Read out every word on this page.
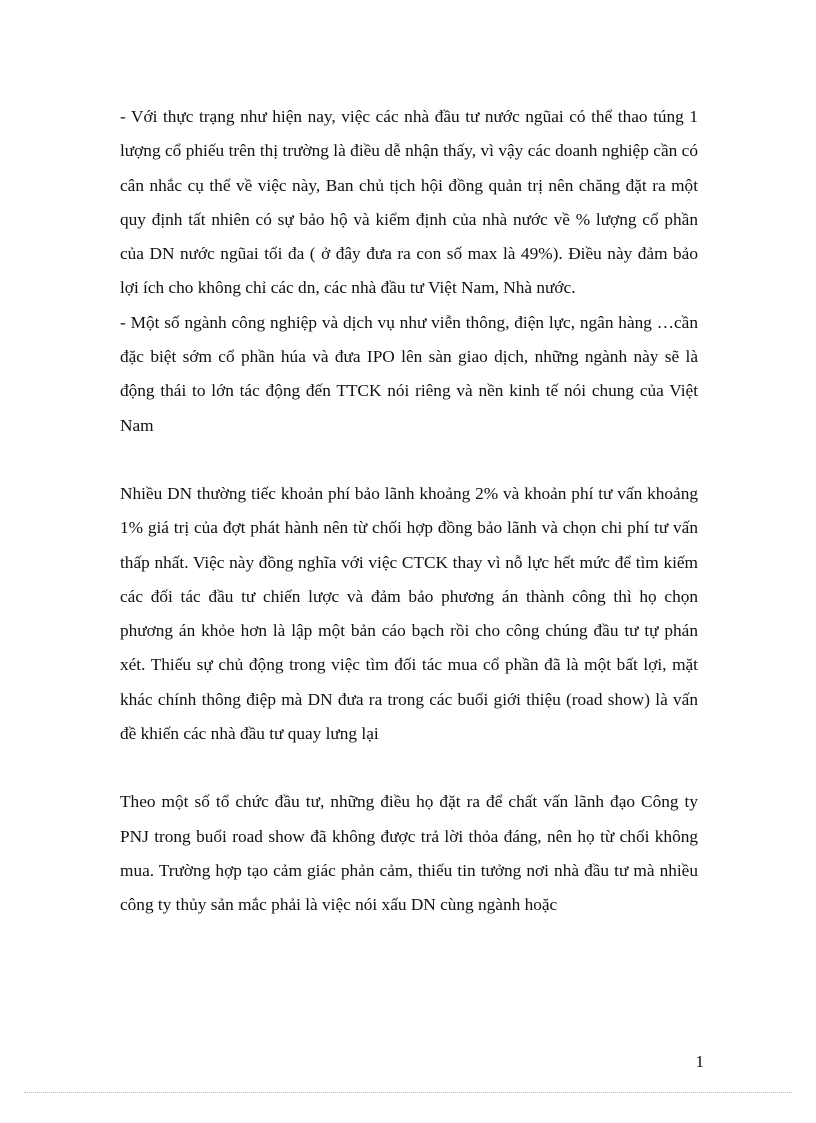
- Với thực trạng như hiện nay, việc các nhà đầu tư nước ngũai có thể thao túng 1 lượng cổ phiếu trên thị trường là điều dễ nhận thấy, vì vậy các doanh nghiệp cần có cân nhắc cụ thể về việc này, Ban chủ tịch hội đồng quản trị nên chăng đặt ra một quy định tất nhiên có sự bảo hộ và kiểm định của nhà nước về % lượng cổ phần của DN nước ngũai tối đa ( ở đây đưa ra con số max là 49%). Điều này đảm bảo lợi ích cho không chỉ các dn, các nhà đầu tư Việt Nam, Nhà nước.

- Một số ngành công nghiệp và dịch vụ như viễn thông, điện lực, ngân hàng …cần đặc biệt sớm cổ phần húa và đưa IPO lên sàn giao dịch, những ngành này sẽ là động thái to lớn tác động đến TTCK nói riêng và nền kinh tế nói chung của Việt Nam

Nhiều DN thường tiếc khoản phí bảo lãnh khoảng 2% và khoản phí tư vấn khoảng 1% giá trị của đợt phát hành nên từ chối hợp đồng bảo lãnh và chọn chi phí tư vấn thấp nhất. Việc này đồng nghĩa với việc CTCK thay vì nỗ lực hết mức để tìm kiếm các đối tác đầu tư chiến lược và đảm bảo phương án thành công thì họ chọn phương án khỏe hơn là lập một bản cáo bạch rồi cho công chúng đầu tư tự phán xét. Thiếu sự chủ động trong việc tìm đối tác mua cổ phần đã là một bất lợi, mặt khác chính thông điệp mà DN đưa ra trong các buổi giới thiệu (road show) là vấn đề khiến các nhà đầu tư quay lưng lại

Theo một số tổ chức đầu tư, những điều họ đặt ra để chất vấn lãnh đạo Công ty PNJ trong buổi road show đã không được trả lời thỏa đáng, nên họ từ chối không mua. Trường hợp tạo cảm giác phản cảm, thiếu tin tưởng nơi nhà đầu tư mà nhiều công ty thủy sản mắc phải là việc nói xấu DN cùng ngành hoặc

1
